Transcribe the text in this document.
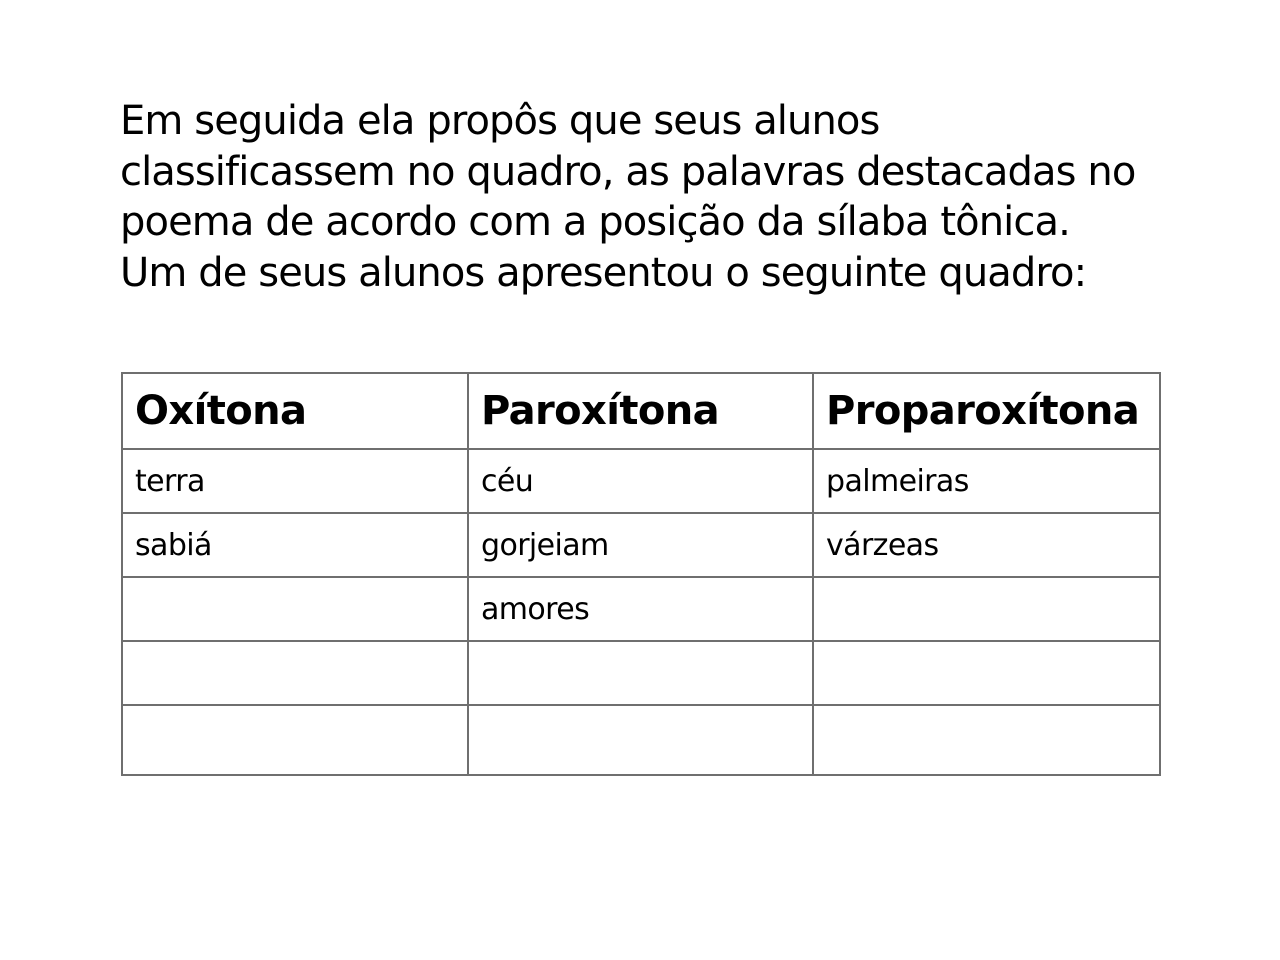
Em seguida ela propôs que seus alunos
classificassem no quadro, as palavras destacadas no
poema de acordo com a posição da sílaba tônica.
Um de seus alunos apresentou o seguinte quadro:
Oxítona	Paroxítona	Proparoxítona
terra	céu	palmeiras
sabiá	gorjeiam	várzeas
	amores	
